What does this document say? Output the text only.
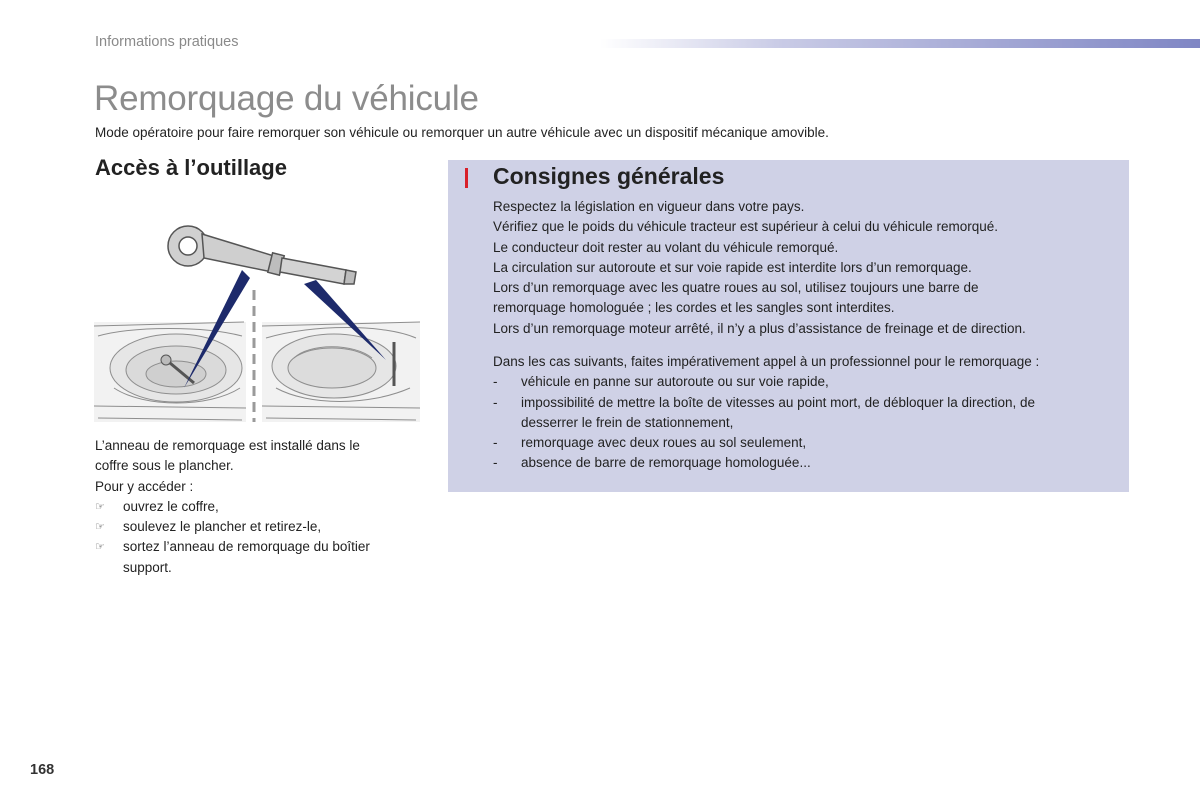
Informations pratiques
Remorquage du véhicule
Mode opératoire pour faire remorquer son véhicule ou remorquer un autre véhicule avec un dispositif mécanique amovible.
Accès à l’outillage

L’anneau de remorquage est installé dans le

coffre sous le plancher.

Pour y accéder :

☞ ouvrez le coffre,
☞ soulevez le plancher et retirez-le,
☞ sortez l’anneau de remorquage du boîtier
support.
Consignes générales

Respectez la législation en vigueur dans votre pays.

Vérifiez que le poids du véhicule tracteur est supérieur à celui du véhicule remorqué.

Le conducteur doit rester au volant du véhicule remorqué.

La circulation sur autoroute et sur voie rapide est interdite lors d’un remorquage.

Lors d’un remorquage avec les quatre roues au sol, utilisez toujours une barre de

remorquage homologuée ; les cordes et les sangles sont interdites.

Lors d’un remorquage moteur arrêté, il n’y a plus d’assistance de freinage et de direction.

Dans les cas suivants, faites impérativement appel à un professionnel pour le remorquage :

- véhicule en panne sur autoroute ou sur voie rapide,
- impossibilité de mettre la boîte de vitesses au point mort, de débloquer la direction, de
desserrer le frein de stationnement,
- remorquage avec deux roues au sol seulement,
- absence de barre de remorquage homologuée...
168
